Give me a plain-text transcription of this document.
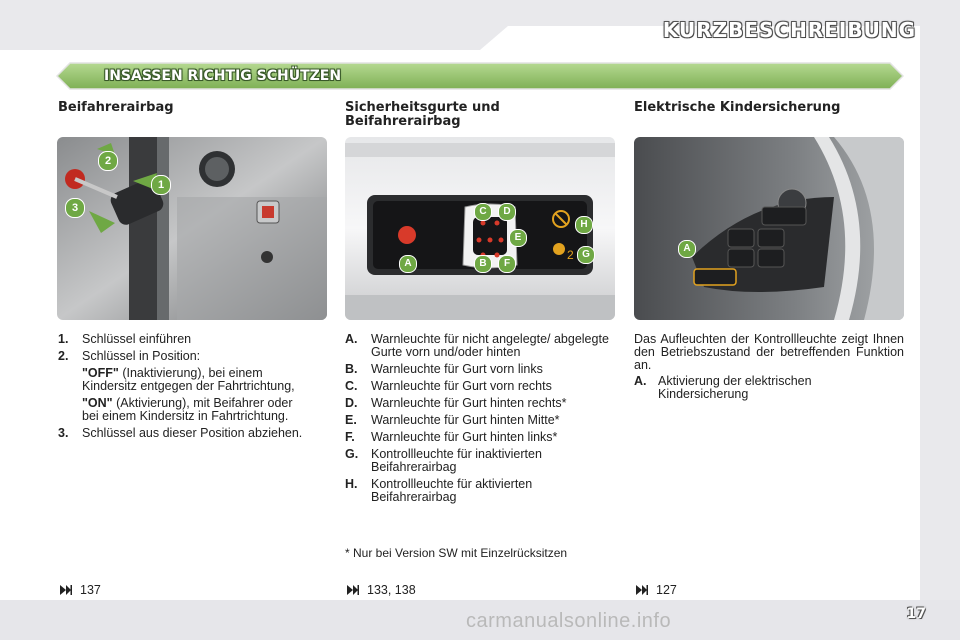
KURZBESCHREIBUNG
INSASSEN RICHTIG SCHÜTZEN
Beifahrerairbag
1
2
3
1.	Schlüssel einführen
2.	Schlüssel in Position:
"OFF" (Inaktivierung), bei einem Kindersitz entgegen der Fahrtrichtung,
"ON" (Aktivierung), mit Beifahrer oder bei einem Kindersitz in Fahrtrichtung.
3.	Schlüssel aus dieser Position abziehen.
137
Sicherheitsgurte und
Beifahrerairbag
2
A	B
C	D
E
F
G
H
A.	Warnleuchte für nicht angelegte/ abgelegte Gurte vorn und/oder hinten
B.	Warnleuchte für Gurt vorn links
C.	Warnleuchte für Gurt vorn rechts
D.	Warnleuchte für Gurt hinten rechts*
E.	Warnleuchte für Gurt hinten Mitte*
F.	Warnleuchte für Gurt hinten links*
G.	Kontrollleuchte für inaktivierten Beifahrerairbag
H.	Kontrollleuchte für aktivierten Beifahrerairbag
* Nur bei Version SW mit Einzelrücksitzen
133, 138
Elektrische Kindersicherung
A
Das Aufleuchten der Kontrollleuchte zeigt Ihnen den Betriebszustand der betreffenden Funktion an.
A. Aktivierung der elektrischen Kindersicherung
127
17
carmanualsonline.info
